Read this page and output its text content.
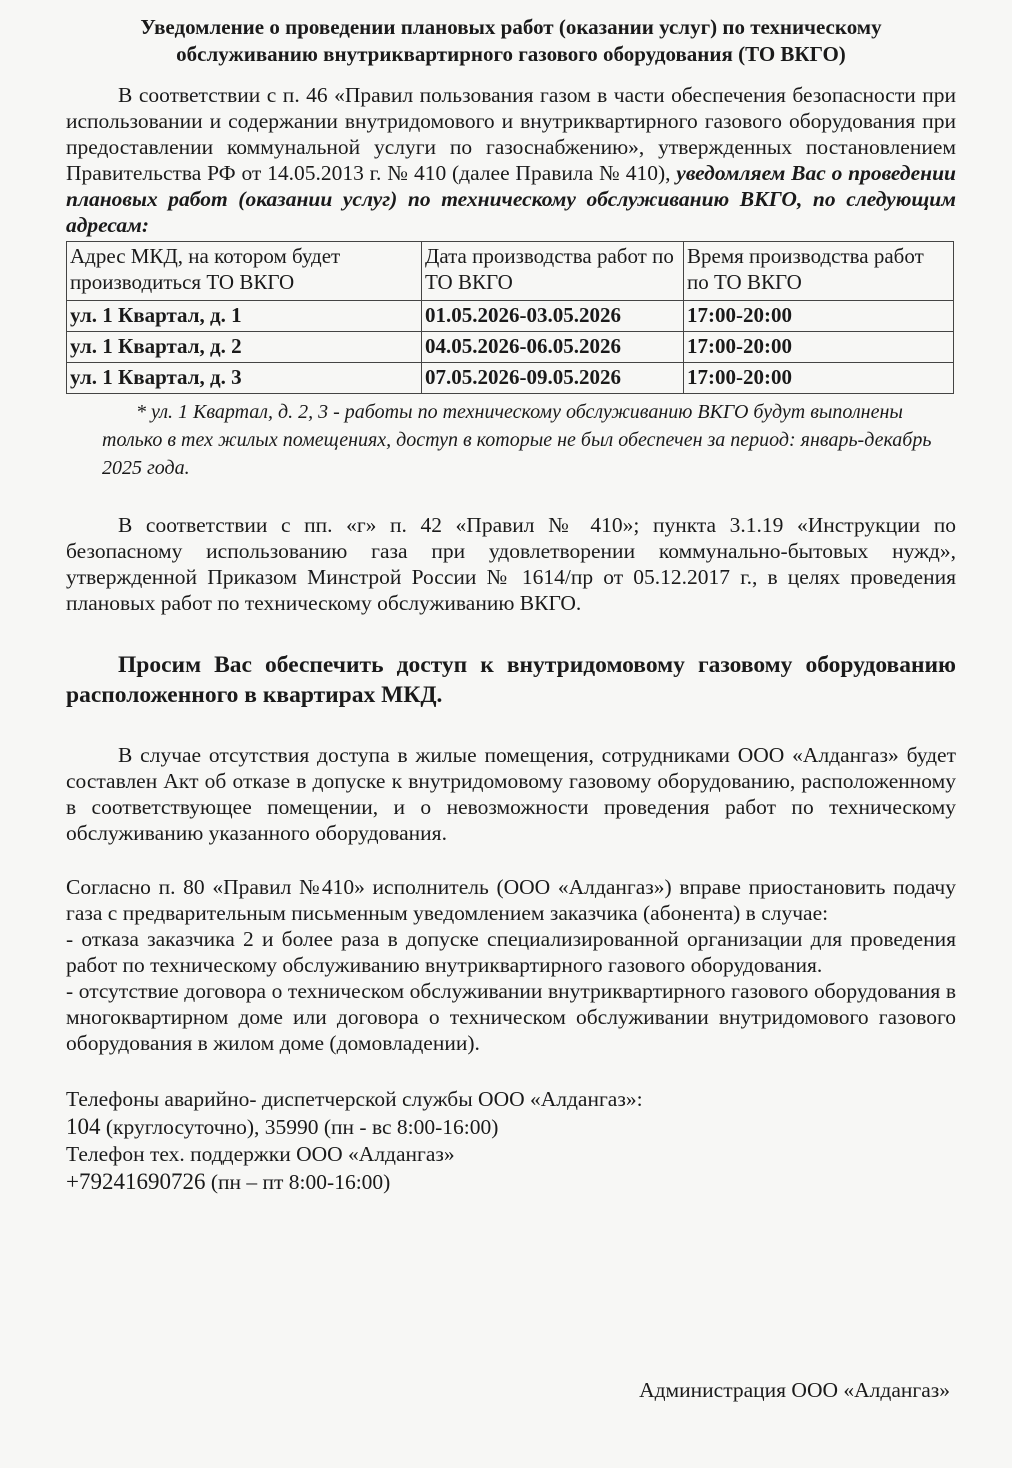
Уведомление о проведении плановых работ (оказании услуг) по техническому
обслуживанию внутриквартирного газового оборудования (ТО ВКГО)

В соответствии с п. 46 «Правил пользования газом в части обеспечения безопасности при использовании и содержании внутридомового и внутриквартирного газового оборудования при предоставлении коммунальной услуги по газоснабжению», утвержденных постановлением Правительства РФ от 14.05.2013 г. № 410 (далее Правила № 410), уведомляем Вас о проведении плановых работ (оказании услуг) по техническому обслуживанию ВКГО, по следующим адресам:

Адрес МКД, на котором будет производиться ТО ВКГО	Дата производства работ по ТО ВКГО	Время производства работ по ТО ВКГО
ул. 1 Квартал, д. 1	01.05.2026-03.05.2026	17:00-20:00
ул. 1 Квартал, д. 2	04.05.2026-06.05.2026	17:00-20:00
ул. 1 Квартал, д. 3	07.05.2026-09.05.2026	17:00-20:00

* ул. 1 Квартал, д. 2, 3 - работы по техническому обслуживанию ВКГО будут выполнены только в тех жилых помещениях, доступ в которые не был обеспечен за период: январь-декабрь 2025 года.

В соответствии с пп. «г» п. 42 «Правил № 410»; пункта 3.1.19 «Инструкции по безопасному использованию газа при удовлетворении коммунально-бытовых нужд», утвержденной Приказом Минстрой России № 1614/пр от 05.12.2017 г., в целях проведения плановых работ по техническому обслуживанию ВКГО.

Просим Вас обеспечить доступ к внутридомовому газовому оборудованию расположенного в квартирах МКД.

В случае отсутствия доступа в жилые помещения, сотрудниками ООО «Алдангаз» будет составлен Акт об отказе в допуске к внутридомовому газовому оборудованию, расположенному в соответствующее помещении, и о невозможности проведения работ по техническому обслуживанию указанного оборудования.

Согласно п. 80 «Правил №410» исполнитель (ООО «Алдангаз») вправе приостановить подачу газа с предварительным письменным уведомлением заказчика (абонента) в случае:

- отказа заказчика 2 и более раза в допуске специализированной организации для проведения работ по техническому обслуживанию внутриквартирного газового оборудования.

- отсутствие договора о техническом обслуживании внутриквартирного газового оборудования в многоквартирном доме или договора о техническом обслуживании внутридомового газового оборудования в жилом доме (домовладении).

Телефоны аварийно- диспетчерской службы ООО «Алдангаз»:

104 (круглосуточно), 35990 (пн - вс 8:00-16:00)

Телефон тех. поддержки ООО «Алдангаз»

+79241690726 (пн – пт 8:00-16:00)

Администрация ООО «Алдангаз»
